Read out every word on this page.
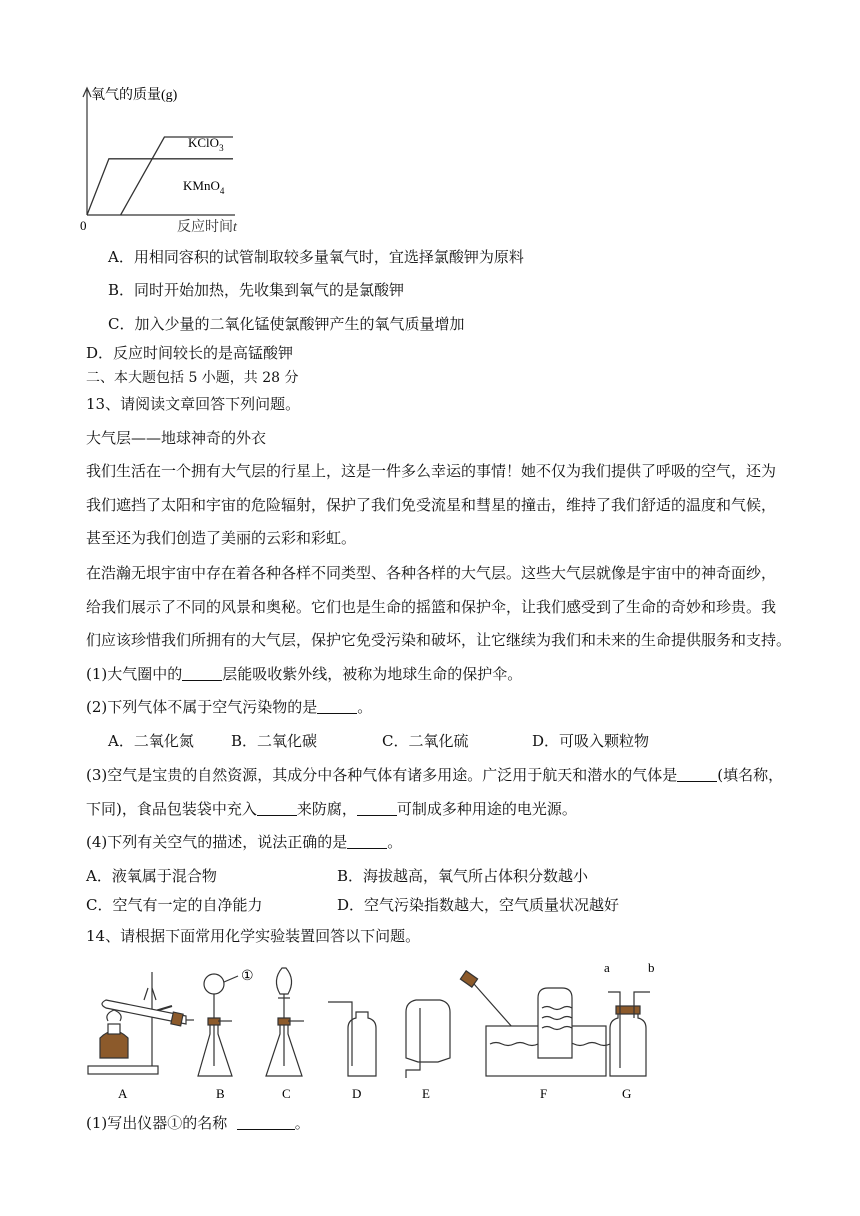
氧气的质量(g)
0	反应时间t
KClO$_3$
KMnO$_4$
A．用相同容积的试管制取较多量氧气时，宜选择氯酸钾为原料
B．同时开始加热，先收集到氧气的是氯酸钾
C．加入少量的二氧化锰使氯酸钾产生的氧气质量增加
D．反应时间较长的是高锰酸钾
二、本大题包括 5 小题，共 28 分
13、请阅读文章回答下列问题。
大气层——地球神奇的外衣
我们生活在一个拥有大气层的行星上，这是一件多么幸运的事情！她不仅为我们提供了呼吸的空气，还为
我们遮挡了太阳和宇宙的危险辐射，保护了我们免受流星和彗星的撞击，维持了我们舒适的温度和气候，
甚至还为我们创造了美丽的云彩和彩虹。
在浩瀚无垠宇宙中存在着各种各样不同类型、各种各样的大气层。这些大气层就像是宇宙中的神奇面纱，
给我们展示了不同的风景和奥秘。它们也是生命的摇篮和保护伞，让我们感受到了生命的奇妙和珍贵。我
们应该珍惜我们所拥有的大气层，保护它免受污染和破坏，让它继续为我们和未来的生命提供服务和支持。
(1)大气圈中的	层能吸收紫外线，被称为地球生命的保护伞。
(2)下列气体不属于空气污染物的是	。
A．二氧化氮 B．二氧化碳	C．二氧化硫	D．可吸入颗粒物
(3)空气是宝贵的自然资源，其成分中各种气体有诸多用途。广泛用于航天和潜水的气体是	(填名称，
下同)，食品包装袋中充入	来防腐，	可制成多种用途的电光源。
(4)下列有关空气的描述，说法正确的是	。
A．液氧属于混合物	B．海拔越高，氧气所占体积分数越小
C．空气有一定的自净能力	D．空气污染指数越大，空气质量状况越好
14、请根据下面常用化学实验装置回答以下问题。
①
a	b
A	B	C	D	E	F	G
(1)写出仪器①的名称	。
